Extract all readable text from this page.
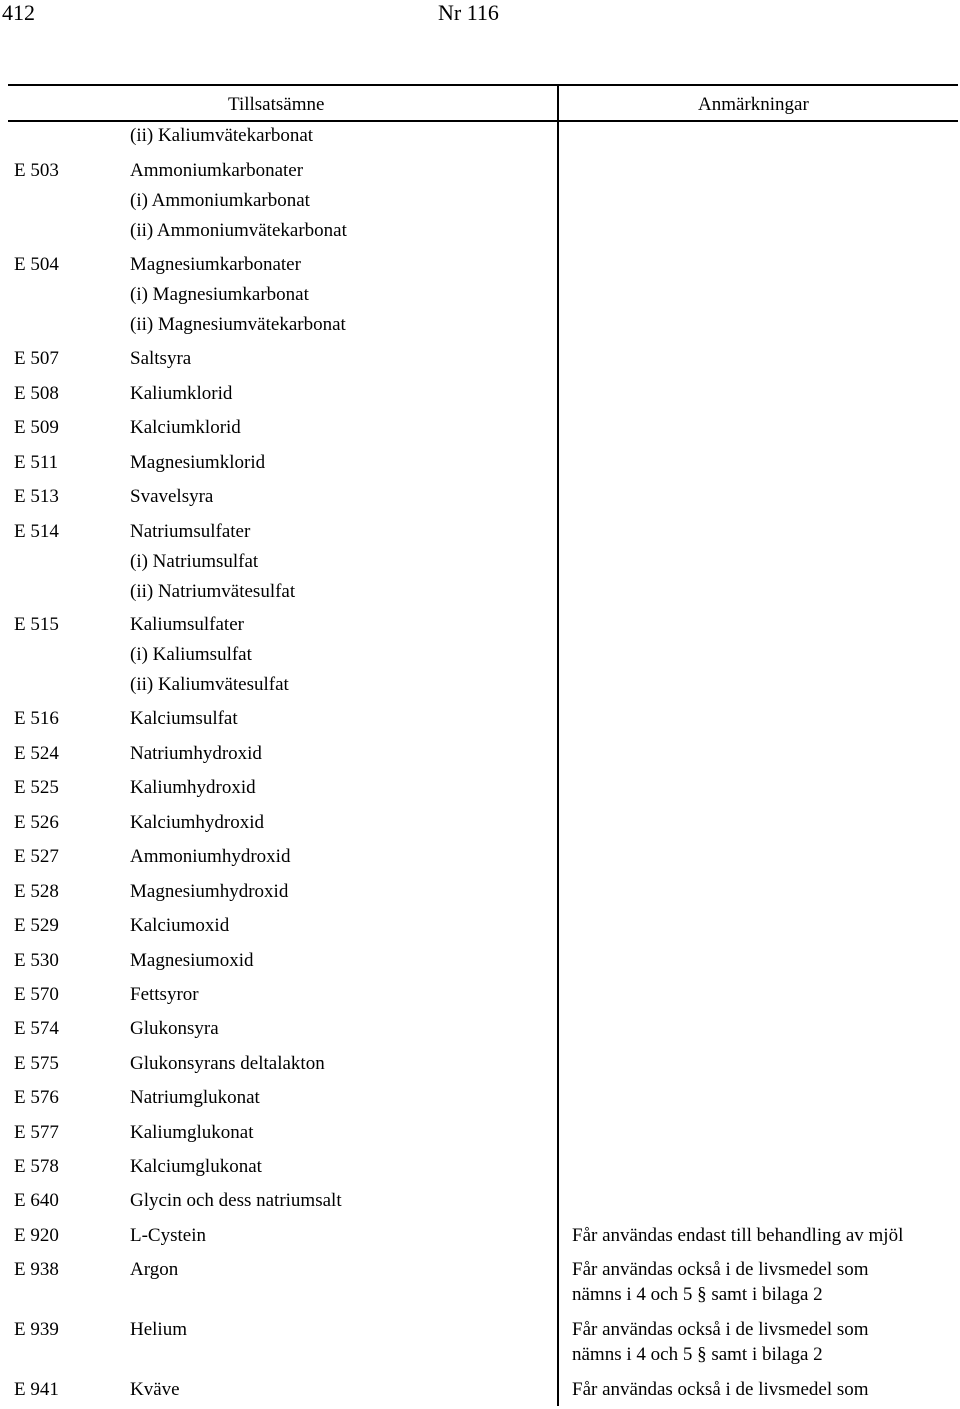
412	Nr 116
Tillsatsämne	Anmärkningar
(ii) Kaliumvätekarbonat
E 503	Ammoniumkarbonater
(i) Ammoniumkarbonat
(ii) Ammoniumvätekarbonat
E 504	Magnesiumkarbonater
(i) Magnesiumkarbonat
(ii) Magnesiumvätekarbonat
E 507	Saltsyra
E 508	Kaliumklorid
E 509	Kalciumklorid
E 511	Magnesiumklorid
E 513	Svavelsyra
E 514	Natriumsulfater
(i) Natriumsulfat
(ii) Natriumvätesulfat
E 515	Kaliumsulfater
(i) Kaliumsulfat
(ii) Kaliumvätesulfat
E 516	Kalciumsulfat
E 524	Natriumhydroxid
E 525	Kaliumhydroxid
E 526	Kalciumhydroxid
E 527	Ammoniumhydroxid
E 528	Magnesiumhydroxid
E 529	Kalciumoxid
E 530	Magnesiumoxid
E 570	Fettsyror
E 574	Glukonsyra
E 575	Glukonsyrans deltalakton
E 576	Natriumglukonat
E 577	Kaliumglukonat
E 578	Kalciumglukonat
E 640	Glycin och dess natriumsalt
E 920	L-Cystein	Får användas endast till behandling av mjöl
E 938	Argon	Får användas också i de livsmedel som
nämns i 4 och 5 § samt i bilaga 2
E 939	Helium	Får användas också i de livsmedel som
nämns i 4 och 5 § samt i bilaga 2
E 941	Kväve	Får användas också i de livsmedel som
